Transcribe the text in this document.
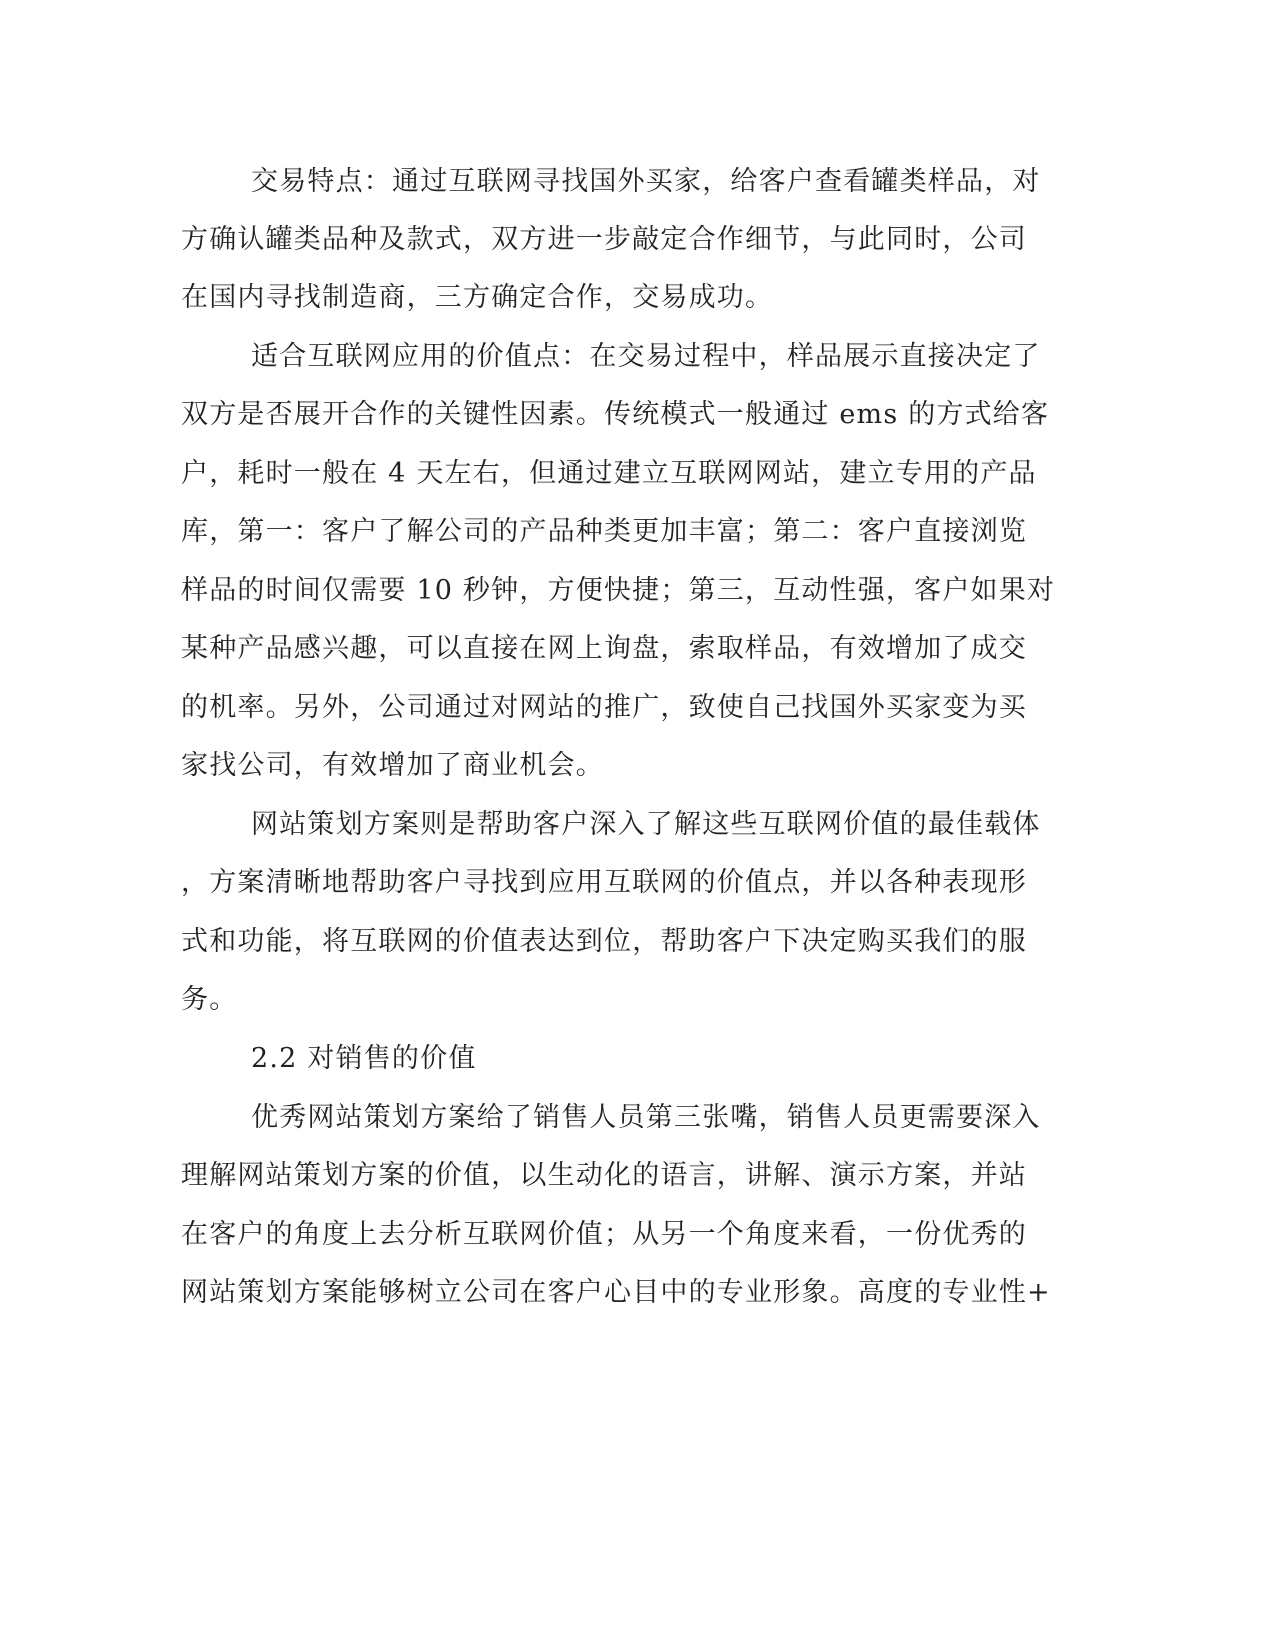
交易特点：通过互联网寻找国外买家，给客户查看罐类样品，对

方确认罐类品种及款式，双方进一步敲定合作细节，与此同时，公司

在国内寻找制造商，三方确定合作，交易成功。

适合互联网应用的价值点：在交易过程中，样品展示直接决定了

双方是否展开合作的关键性因素。传统模式一般通过 ems 的方式给客

户，耗时一般在 4 天左右，但通过建立互联网网站，建立专用的产品

库，第一：客户了解公司的产品种类更加丰富；第二：客户直接浏览

样品的时间仅需要 10 秒钟，方便快捷；第三，互动性强，客户如果对

某种产品感兴趣，可以直接在网上询盘，索取样品，有效增加了成交

的机率。另外，公司通过对网站的推广，致使自己找国外买家变为买

家找公司，有效增加了商业机会。

网站策划方案则是帮助客户深入了解这些互联网价值的最佳载体

，方案清晰地帮助客户寻找到应用互联网的价值点，并以各种表现形

式和功能，将互联网的价值表达到位，帮助客户下决定购买我们的服

务。

2.2 对销售的价值

优秀网站策划方案给了销售人员第三张嘴，销售人员更需要深入

理解网站策划方案的价值，以生动化的语言，讲解、演示方案，并站

在客户的角度上去分析互联网价值；从另一个角度来看，一份优秀的

网站策划方案能够树立公司在客户心目中的专业形象。高度的专业性+
